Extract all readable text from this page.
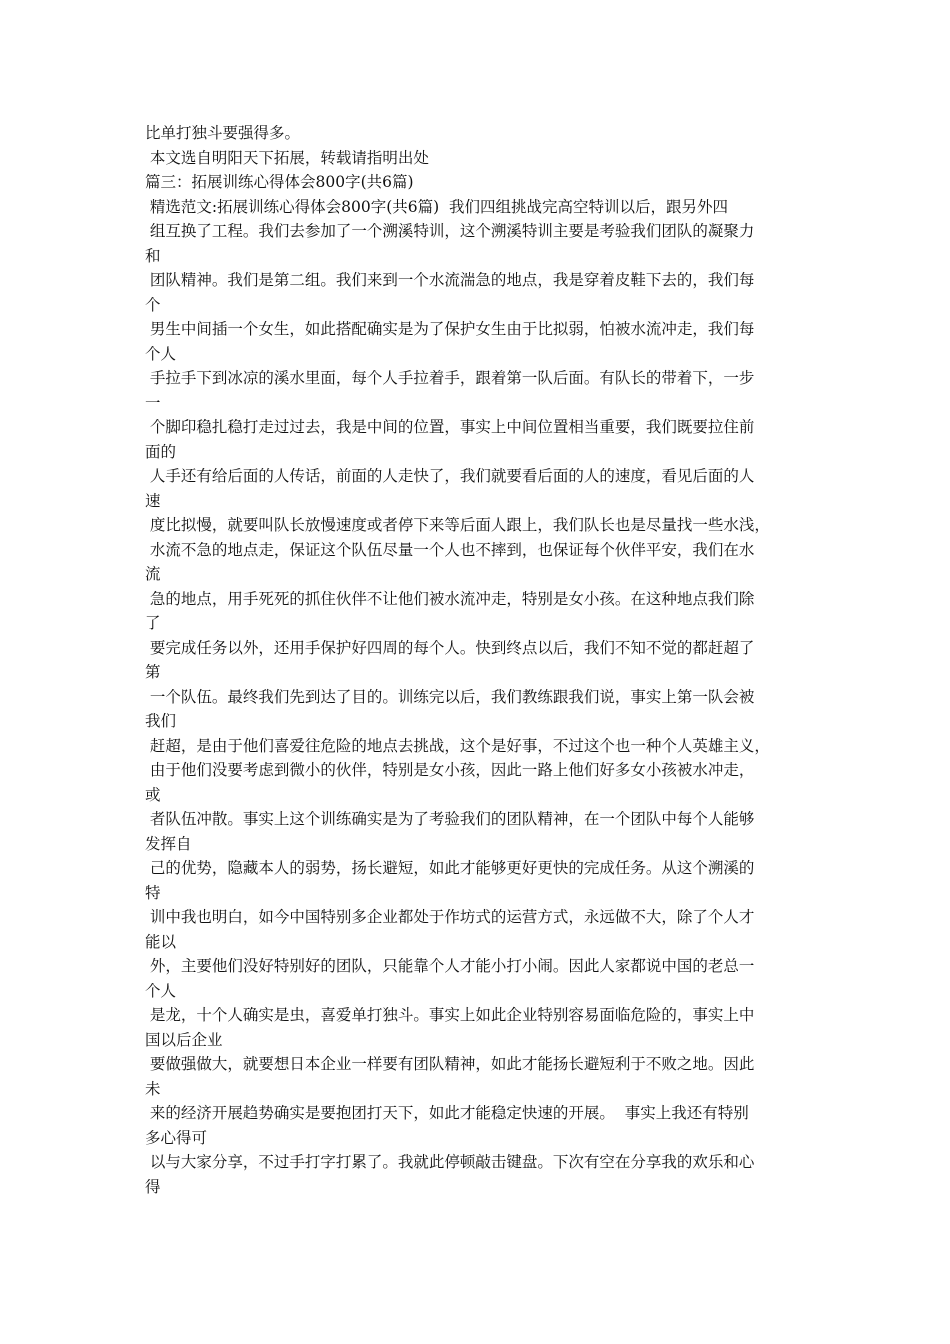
比单打独斗要强得多。
本文选自明阳天下拓展，转载请指明出处
篇三：拓展训练心得体会800字(共6篇)
精选范文:拓展训练心得体会800字(共6篇)  我们四组挑战完高空特训以后，跟另外四
组互换了工程。我们去参加了一个溯溪特训，这个溯溪特训主要是考验我们团队的凝聚力
和
团队精神。我们是第二组。我们来到一个水流湍急的地点，我是穿着皮鞋下去的，我们每
个
男生中间插一个女生，如此搭配确实是为了保护女生由于比拟弱，怕被水流冲走，我们每
个人
手拉手下到冰凉的溪水里面，每个人手拉着手，跟着第一队后面。有队长的带着下，一步
一
个脚印稳扎稳打走过过去，我是中间的位置，事实上中间位置相当重要，我们既要拉住前
面的
人手还有给后面的人传话，前面的人走快了，我们就要看后面的人的速度，看见后面的人
速
度比拟慢，就要叫队长放慢速度或者停下来等后面人跟上，我们队长也是尽量找一些水浅，
水流不急的地点走，保证这个队伍尽量一个人也不摔到，也保证每个伙伴平安，我们在水
流
急的地点，用手死死的抓住伙伴不让他们被水流冲走，特别是女小孩。在这种地点我们除
了
要完成任务以外，还用手保护好四周的每个人。快到终点以后，我们不知不觉的都赶超了
第
一个队伍。最终我们先到达了目的。训练完以后，我们教练跟我们说，事实上第一队会被
我们
赶超，是由于他们喜爱往危险的地点去挑战，这个是好事，不过这个也一种个人英雄主义，
由于他们没要考虑到微小的伙伴，特别是女小孩，因此一路上他们好多女小孩被水冲走，
或
者队伍冲散。事实上这个训练确实是为了考验我们的团队精神，在一个团队中每个人能够
发挥自
己的优势，隐藏本人的弱势，扬长避短，如此才能够更好更快的完成任务。从这个溯溪的
特
训中我也明白，如今中国特别多企业都处于作坊式的运营方式，永远做不大，除了个人才
能以
外，主要他们没好特别好的团队，只能靠个人才能小打小闹。因此人家都说中国的老总一
个人
是龙，十个人确实是虫，喜爱单打独斗。事实上如此企业特别容易面临危险的，事实上中
国以后企业
要做强做大，就要想日本企业一样要有团队精神，如此才能扬长避短利于不败之地。因此
未
来的经济开展趋势确实是要抱团打天下，如此才能稳定快速的开展。  事实上我还有特别
多心得可
以与大家分享，不过手打字打累了。我就此停顿敲击键盘。下次有空在分享我的欢乐和心
得
